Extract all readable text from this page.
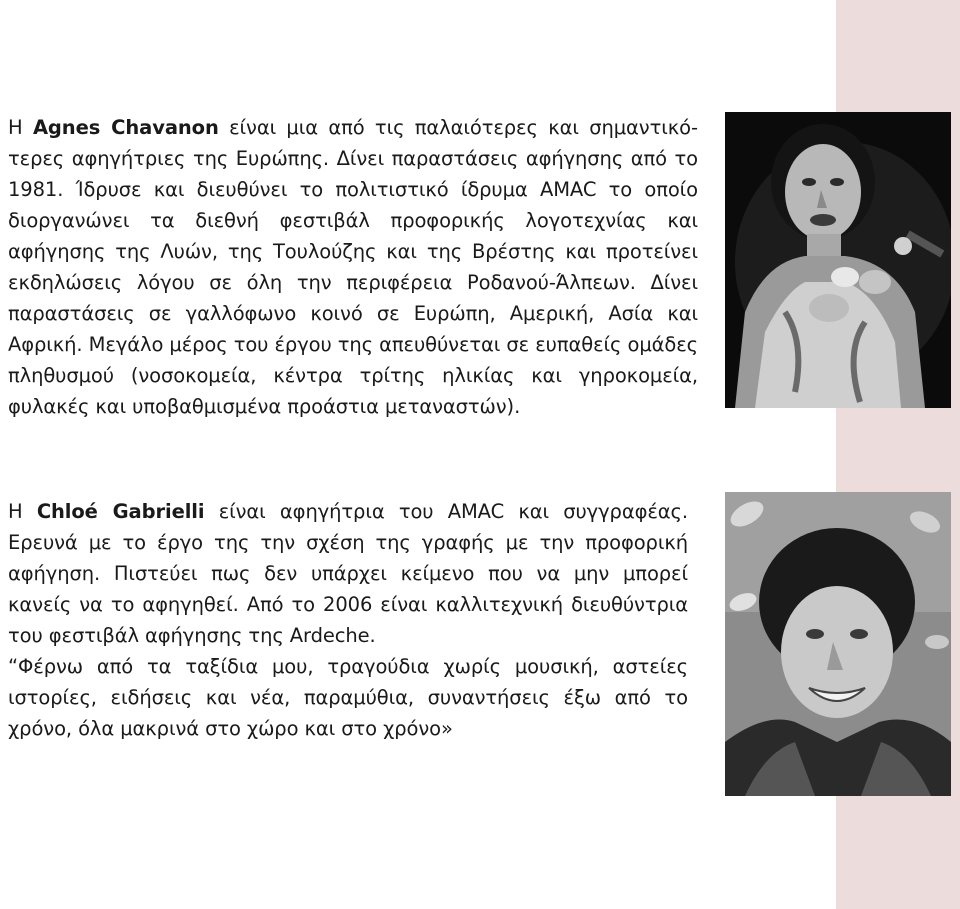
Η Agnes Chavanon είναι μια από τις παλαιότερες και σημαντικότερες αφηγήτριες της Ευρώπης. Δίνει παραστάσεις αφήγησης από το 1981. Ίδρυσε και διευθύνει το πολιτιστικό ίδρυμα AMAC το οποίο διοργανώνει τα διεθνή φεστιβάλ προφορικής λογοτεχνίας και αφήγησης της Λυών, της Τουλούζης και της Βρέστης και προτείνει εκδηλώσεις λόγου σε όλη την περιφέρεια Ροδανού-Άλπεων. Δίνει παραστάσεις σε γαλλόφωνο κοινό σε Ευρώπη, Αμερική, Ασία και Αφρική. Μεγάλο μέρος του έργου της απευθύνεται σε ευπαθείς ομάδες πληθυσμού (νοσοκομεία, κέντρα τρίτης ηλικίας και γηροκομεία, φυλακές και υποβαθμισμένα προάστια μεταναστών).

Η Chloé Gabrielli είναι αφηγήτρια του AMAC και συγγραφέας. Ερευνά με το έργο της την σχέση της γραφής με την προφορική αφήγηση. Πιστεύει πως δεν υπάρχει κείμενο που να μην μπορεί κανείς να το αφηγηθεί. Από το 2006 είναι καλλιτεχνική διευθύντρια του φεστιβάλ αφήγησης της Ardeche.

“Φέρνω από τα ταξίδια μου, τραγούδια χωρίς μουσική, αστείες ιστορίες, ειδήσεις και νέα, παραμύθια, συναντήσεις έξω από το χρόνο, όλα μακρινά στο χώρο και στο χρόνο»
